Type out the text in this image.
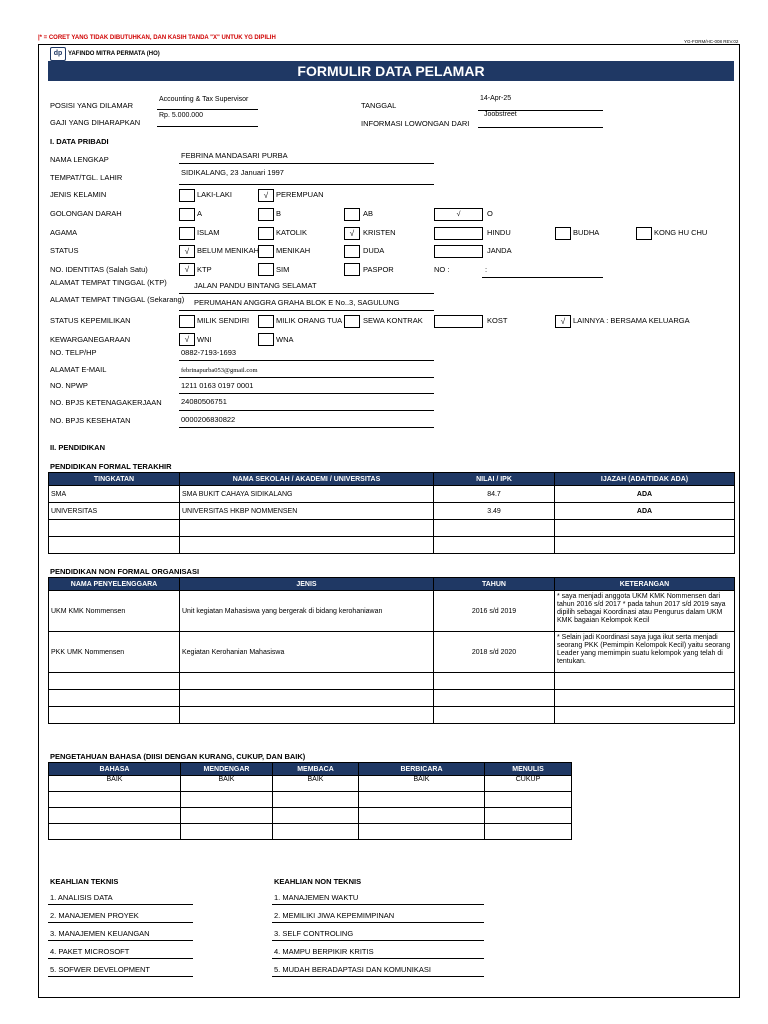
|* = CORET YANG TIDAK DIBUTUHKAN, DAN KASIH TANDA "X" UNTUK YG DIPILIH
YG-FORM/HC-008 REV.02
dp YAFINDO MITRA PERMATA (HO)
FORMULIR DATA PELAMAR
POSISI YANG DILAMAR
Accounting & Tax Supervisor
GAJI YANG DIHARAPKAN
Rp. 5.000.000
TANGGAL
14-Apr-25
INFORMASI LOWONGAN DARI
Joobstreet
I. DATA PRIBADI
NAMA LENGKAP	FEBRINA MANDASARI PURBA
TEMPAT/TGL. LAHIR
SIDIKALANG, 23 Januari 1997
JENIS KELAMIN	LAKI-LAKI	√	PEREMPUAN
GOLONGAN DARAH	A	B	AB	√	O
AGAMA	ISLAM	KATOLIK	√	KRISTEN	HINDU	BUDHA	KONG HU CHU
STATUS	√	BELUM MENIKAH MENIKAH	DUDA	JANDA
NO. IDENTITAS (Salah Satu)	√	KTP	SIM	PASPOR	NO :	:
ALAMAT TEMPAT TINGGAL (KTP)	JALAN PANDU BINTANG SELAMAT
ALAMAT TEMPAT TINGGAL (Sekarang) PERUMAHAN ANGGRA GRAHA BLOK E No..3, SAGULUNG
STATUS KEPEMILIKAN	MILIK SENDIRI	MILIK ORANG TUA	SEWA KONTRAK	KOST	√	LAINNYA : BERSAMA KELUARGA
KEWARGANEGARAAN	√	WNI	WNA
NO. TELP/HP	0882-7193-1693
ALAMAT E-MAIL	febrinapurba053@gmail.com
NO. NPWP	1211 0163 0197 0001
NO. BPJS KETENAGAKERJAAN	24080506751
NO. BPJS KESEHATAN	0000206830822
II. PENDIDIKAN
PENDIDIKAN FORMAL TERAKHIR
TINGKATAN	NAMA SEKOLAH / AKADEMI / UNIVERSITAS	NILAI / IPK	IJAZAH (ADA/TIDAK ADA)
SMA	SMA BUKIT CAHAYA SIDIKALANG	84.7	ADA
UNIVERSITAS	UNIVERSITAS HKBP NOMMENSEN	3.49	ADA

PENDIDIKAN NON FORMAL ORGANISASI
NAMA PENYELENGGARA	JENIS	TAHUN	KETERANGAN
UKM KMK Nommensen	Unit kegiatan Mahasiswa yang bergerak di bidang kerohaniawan	2016 s/d 2019	* saya menjadi anggota UKM KMK Nommensen dari tahun 2016 s/d 2017 * pada tahun 2017 s/d 2019 saya dipilih sebagai Koordinasi atau Pengurus dalam UKM KMK bagaian Kelompok Kecil
PKK UMK Nommensen	Kegiatan Kerohanian Mahasiswa	2018 s/d 2020	* Selain jadi Koordinasi saya juga ikut serta menjadi seorang PKK (Pemimpin Kelompok Kecil) yaitu seorang Leader yang memimpin suatu kelompok yang telah di tentukan.

PENGETAHUAN BAHASA (DIISI DENGAN KURANG, CUKUP, DAN BAIK)
BAHASA	MENDENGAR	MEMBACA	BERBICARA	MENULIS
BAIK	BAIK	BAIK	BAIK	CUKUP

KEAHLIAN TEKNIS
1. ANALISIS DATA
2. MANAJEMEN PROYEK
3. MANAJEMEN KEUANGAN
4. PAKET MICROSOFT
5. SOFWER DEVELOPMENT
KEAHLIAN NON TEKNIS
1. MANAJEMEN WAKTU
2. MEMILIKI JIWA KEPEMIMPINAN
3. SELF CONTROLING
4. MAMPU BERPIKIR KRITIS
5. MUDAH BERADAPTASI DAN KOMUNIKASI
